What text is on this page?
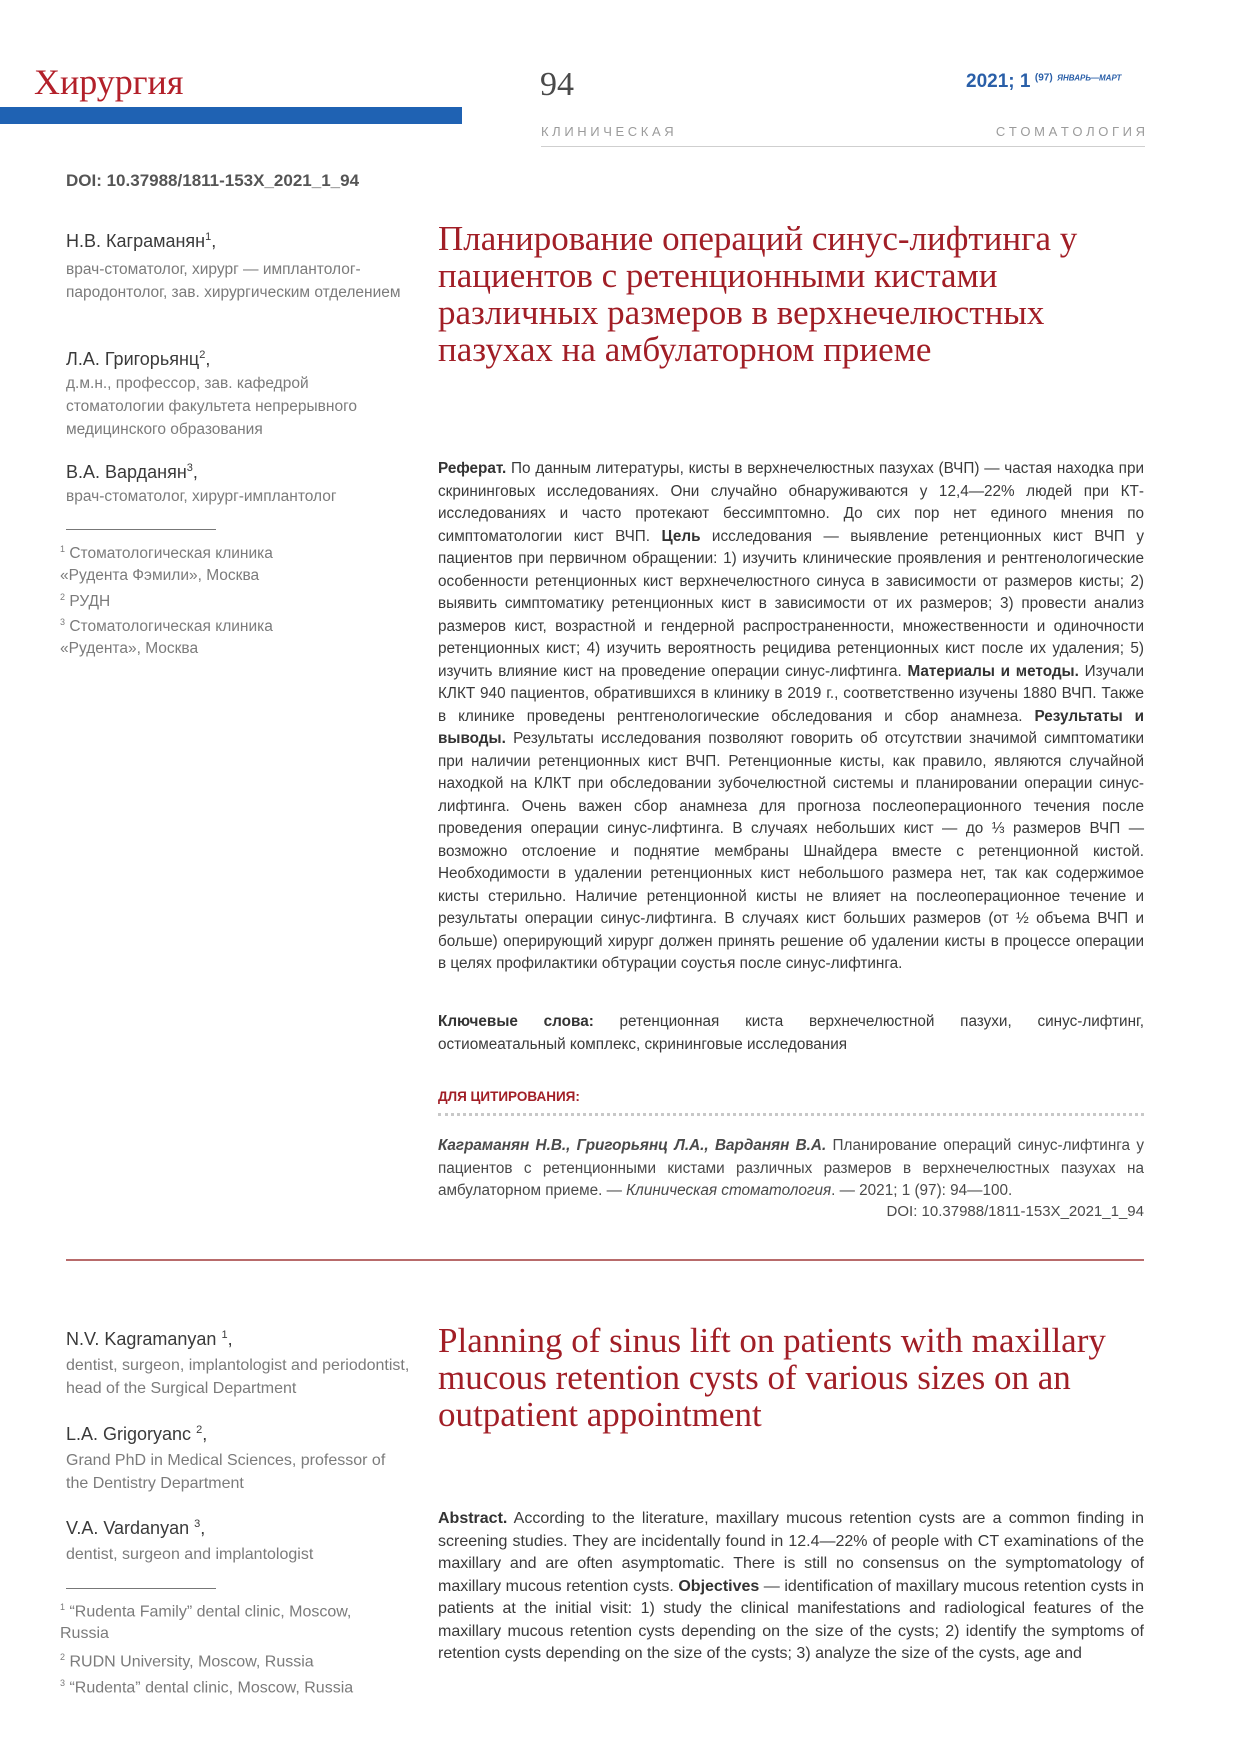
Хирургия	94	2021; 1 $^{(97)}$ $^{ЯНВАРЬ—МАРТ}$
К Л И Н И Ч Е С К А Я	С Т О М А Т О Л О Г И Я
DOI: 10.37988/1811-153X_2021_1_94
Н.В. Каграманян$^1$,
врач-стоматолог, хирург — имплантолог-пародонтолог, зав. хирургическим отделением
Л.А. Григорьянц$^2$,
д.м.н., профессор, зав. кафедрой стоматологии факультета непрерывного медицинского образования
В.А. Варданян$^3$,
врач-стоматолог, хирург-имплантолог
$^1$ Стоматологическая клиника «Рудента Фэмили», Москва
$^2$ РУДН
$^3$ Стоматологическая клиника «Рудента», Москва
Планирование операций синус-лифтинга у пациентов с ретенционными кистами различных размеров в верхнечелюстных пазухах на амбулаторном приеме
Реферат. По данным литературы, кисты в верхнечелюстных пазухах (ВЧП) — частая находка при скрининговых исследованиях. Они случайно обнаруживаются у 12,4—22% людей при КТ-исследованиях и часто протекают бессимптомно. До сих пор нет единого мнения по симптоматологии кист ВЧП. Цель исследования — выявление ретенционных кист ВЧП у пациентов при первичном обращении: 1) изучить клинические проявления и рентгенологические особенности ретенционных кист верхнечелюстного синуса в зависимости от размеров кисты; 2) выявить симптоматику ретенционных кист в зависимости от их размеров; 3) провести анализ размеров кист, возрастной и гендерной распространенности, множественности и одиночности ретенционных кист; 4) изучить вероятность рецидива ретенционных кист после их удаления; 5) изучить влияние кист на проведение операции синус-лифтинга. Материалы и методы. Изучали КЛКТ 940 пациентов, обратившихся в клинику в 2019 г., соответственно изучены 1880 ВЧП. Также в клинике проведены рентгенологические обследования и сбор анамнеза. Результаты и выводы. Результаты исследования позволяют говорить об отсутствии значимой симптоматики при наличии ретенционных кист ВЧП. Ретенционные кисты, как правило, являются случайной находкой на КЛКТ при обследовании зубочелюстной системы и планировании операции синус-лифтинга. Очень важен сбор анамнеза для прогноза послеоперационного течения после проведения операции синус-лифтинга. В случаях небольших кист — до ⅓ размеров ВЧП — возможно отслоение и поднятие мембраны Шнайдера вместе с ретенционной кистой. Необходимости в удалении ретенционных кист небольшого размера нет, так как содержимое кисты стерильно. Наличие ретенционной кисты не влияет на послеоперационное течение и результаты операции синус-лифтинга. В случаях кист больших размеров (от ½ объема ВЧП и больше) оперирующий хирург должен принять решение об удалении кисты в процессе операции в целях профилактики обтурации соустья после синус-лифтинга.
Ключевые слова: ретенционная киста верхнечелюстной пазухи, синус-лифтинг, остиомеатальный комплекс, скрининговые исследования
ДЛЯ ЦИТИРОВАНИЯ:
Каграманян Н.В., Григорьянц Л.А., Варданян В.А. Планирование операций синус-лифтинга у пациентов с ретенционными кистами различных размеров в верхнечелюстных пазухах на амбулаторном приеме. — Клиническая стоматология. — 2021; 1 (97): 94—100.
DOI: 10.37988/1811-153X_2021_1_94
N.V. Kagramanyan $^1$,
dentist, surgeon, implantologist and periodontist, head of the Surgical Department
L.A. Grigoryanc $^2$,
Grand PhD in Medical Sciences, professor of the Dentistry Department
V.A. Vardanyan $^3$,
dentist, surgeon and implantologist
$^1$ “Rudenta Family” dental clinic, Moscow, Russia
$^2$ RUDN University, Moscow, Russia
$^3$ “Rudenta” dental clinic, Moscow, Russia
Planning of sinus lift on patients with maxillary mucous retention cysts of various sizes on an outpatient appointment
Abstract. According to the literature, maxillary mucous retention cysts are a common finding in screening studies. They are incidentally found in 12.4—22% of people with CT examinations of the maxillary and are often asymptomatic. There is still no consensus on the symptomatology of maxillary mucous retention cysts. Objectives — identification of maxillary mucous retention cysts in patients at the initial visit: 1) study the clinical manifestations and radiological features of the maxillary mucous retention cysts depending on the size of the cysts; 2) identify the symptoms of retention cysts depending on the size of the cysts; 3) analyze the size of the cysts, age and
